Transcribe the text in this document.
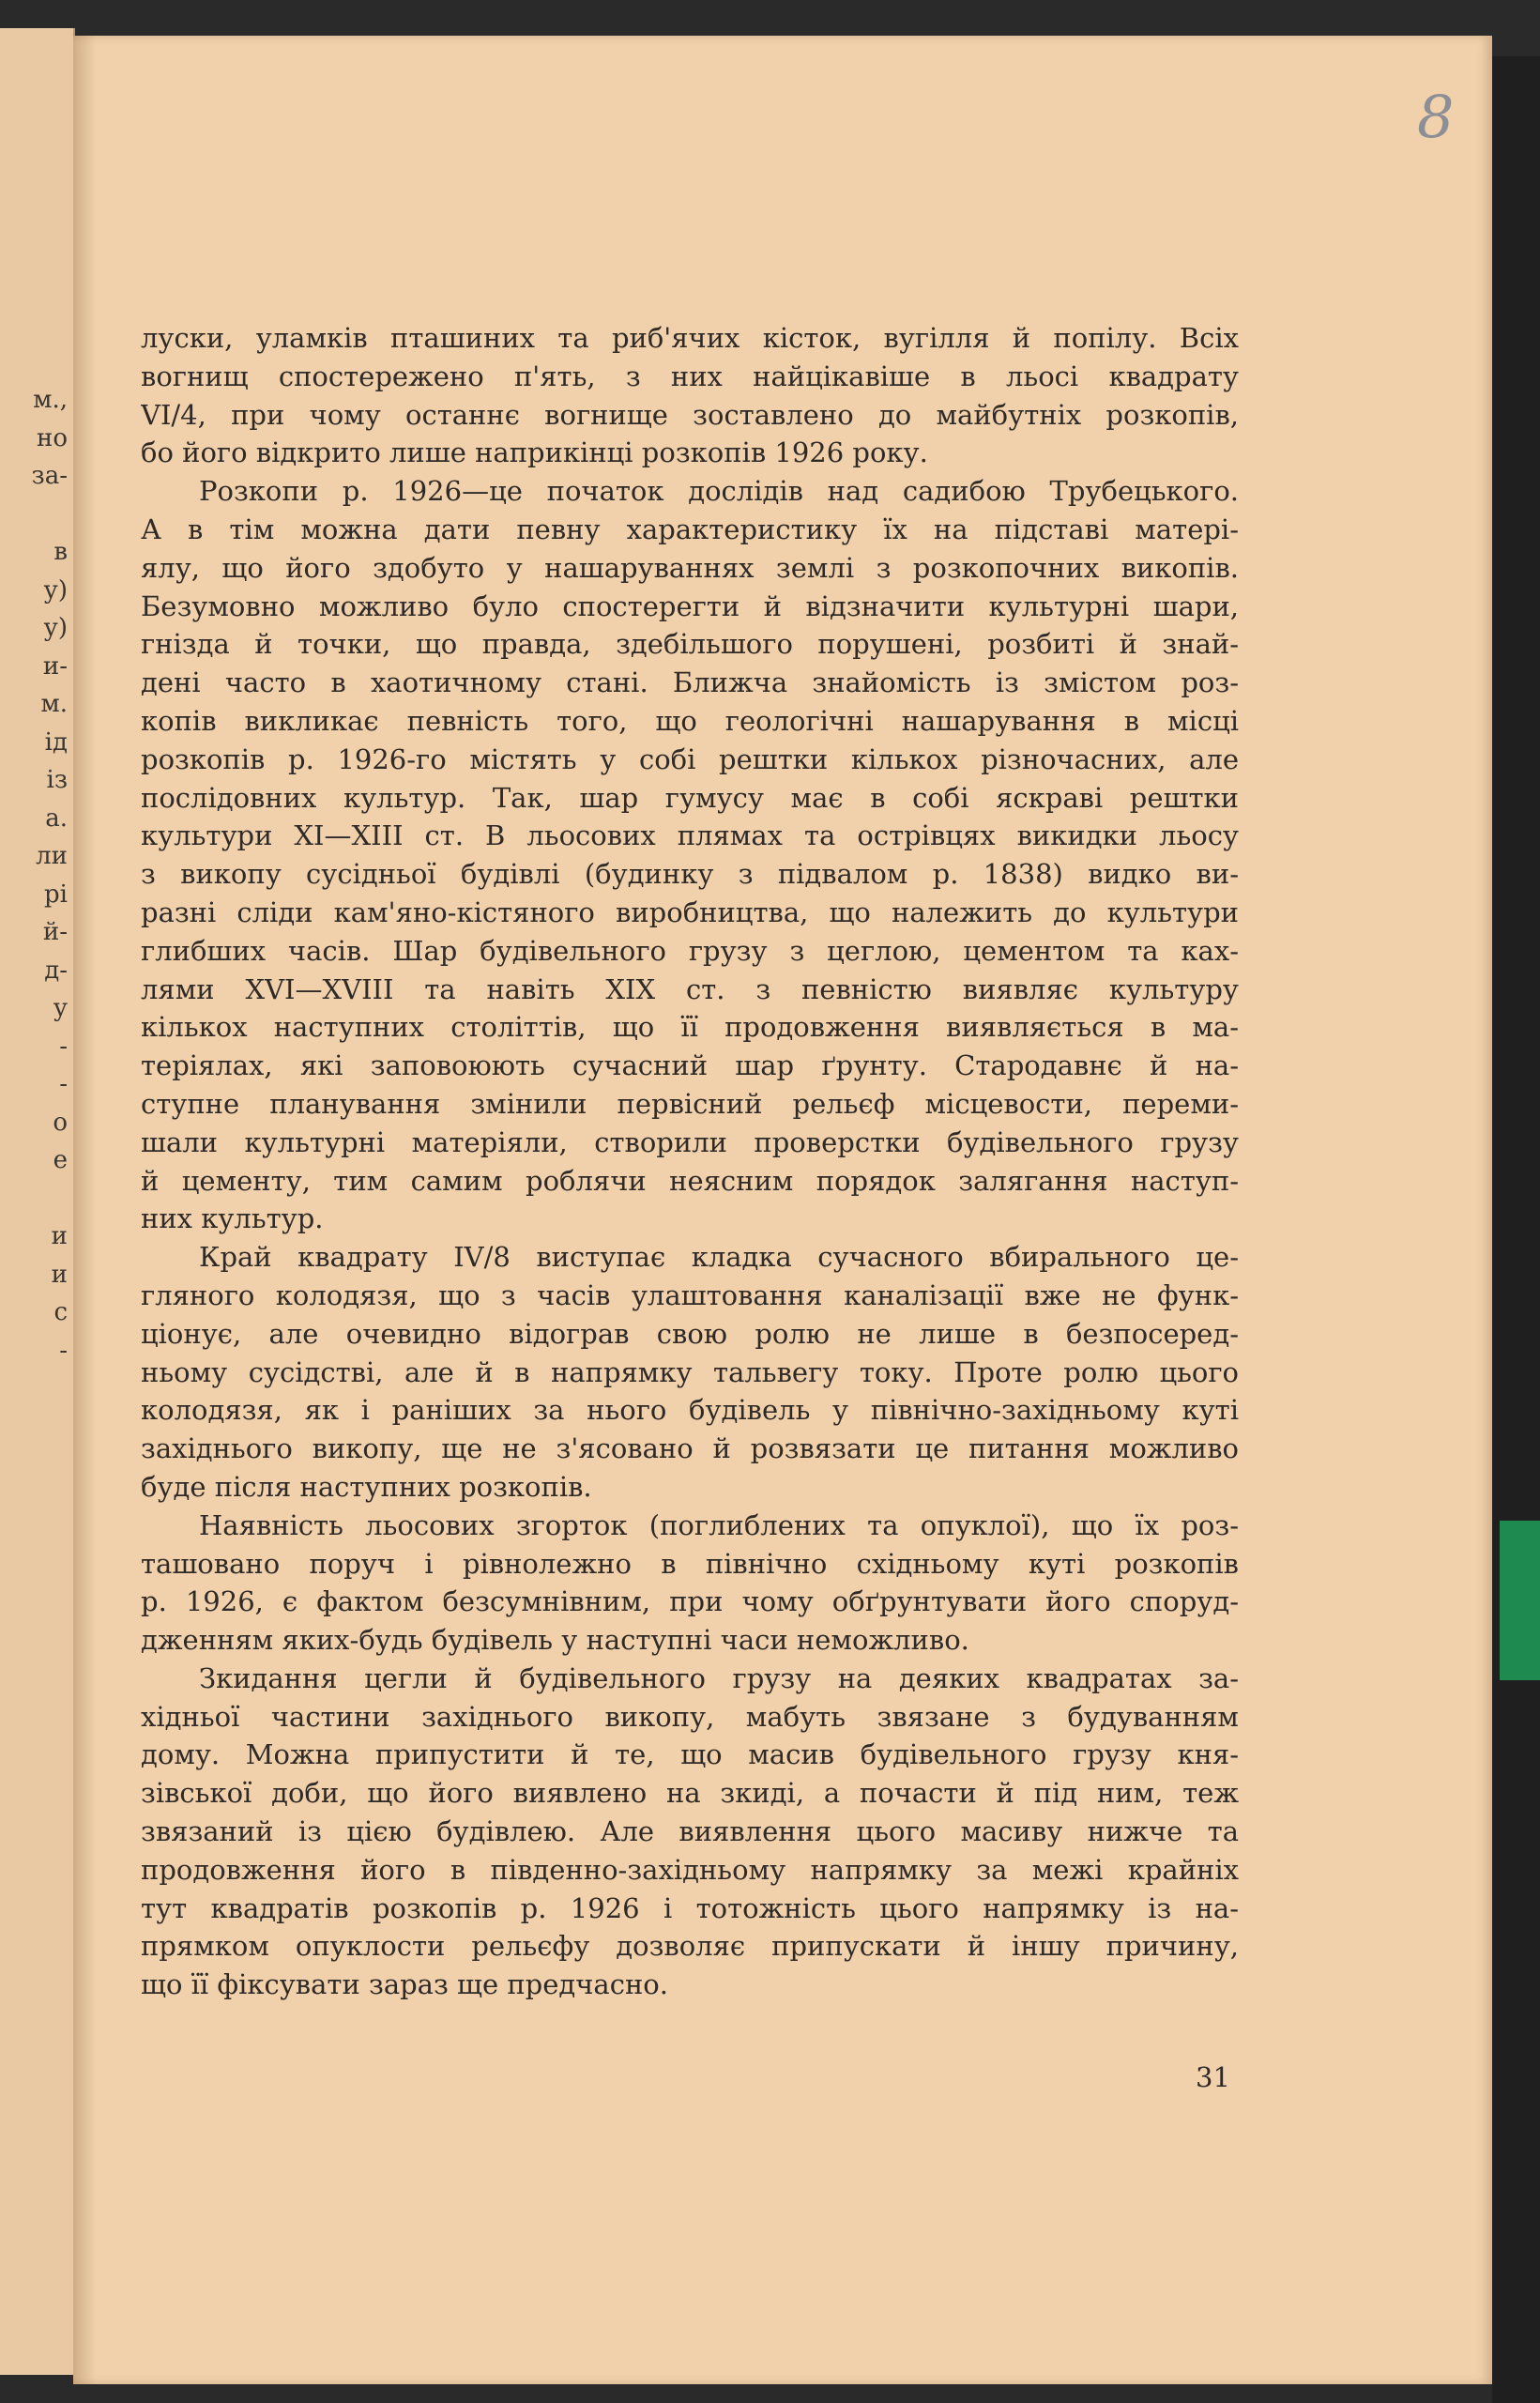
м.,
но
за-
в
у)
у)
и-
м.
ід
із
а.
ли
рі
й-
д-
у
-
-
о
е
и
и
с
-
8
луски, уламків пташиних та риб'ячих кісток, вугілля й попілу. Всіх
вогнищ спостережено п'ять, з них найцікавіше в льосі квадрату
VI/4, при чому останнє вогнище зоставлено до майбутніх розкопів,
бо його відкрито лише наприкінці розкопів 1926 року.
Розкопи р. 1926—це початок дослідів над садибою Трубецького.
А в тім можна дати певну характеристику їх на підставі матері-
ялу, що його здобуто у нашаруваннях землі з розкопочних викопів.
Безумовно можливо було спостерегти й відзначити культурні шари,
гнізда й точки, що правда, здебільшого порушені, розбиті й знай-
дені часто в хаотичному стані. Ближча знайомість із змістом роз-
копів викликає певність того, що геологічні нашарування в місці
розкопів р. 1926-го містять у собі рештки кількох різночасних, але
послідовних культур. Так, шар гумусу має в собі яскраві рештки
культури XI—XIII ст. В льосових плямах та острівцях викидки льосу
з викопу сусідньої будівлі (будинку з підвалом р. 1838) видко ви-
разні сліди кам'яно-кістяного виробництва, що належить до культури
глибших часів. Шар будівельного грузу з цеглою, цементом та ках-
лями XVI—XVIII та навіть XIX ст. з певністю виявляє культуру
кількох наступних століттів, що її продовження виявляється в ма-
теріялах, які заповоюють сучасний шар ґрунту. Стародавнє й на-
ступне планування змінили первісний рельєф місцевости, переми-
шали культурні матеріяли, створили проверстки будівельного грузу
й цементу, тим самим роблячи неясним порядок залягання наступ-
них культур.
Край квадрату IV/8 виступає кладка сучасного вбирального це-
гляного колодязя, що з часів улаштовання каналізації вже не функ-
ціонує, але очевидно відограв свою ролю не лише в безпосеред-
ньому сусідстві, але й в напрямку тальвегу току. Проте ролю цього
колодязя, як і раніших за нього будівель у північно-західньому куті
західнього викопу, ще не з'ясовано й розвязати це питання можливо
буде після наступних розкопів.
Наявність льосових згорток (поглиблених та опуклої), що їх роз-
ташовано поруч і рівнолежно в північно східньому куті розкопів
р. 1926, є фактом безсумнівним, при чому обґрунтувати його споруд-
дженням яких-будь будівель у наступні часи неможливо.
Зкидання цегли й будівельного грузу на деяких квадратах за-
хідньої частини західнього викопу, мабуть звязане з будуванням
дому. Можна припустити й те, що масив будівельного грузу кня-
зівської доби, що його виявлено на зкиді, а почасти й під ним, теж
звязаний із цією будівлею. Але виявлення цього масиву нижче та
продовження його в південно-західньому напрямку за межі крайніх
тут квадратів розкопів р. 1926 і тотожність цього напрямку із на-
прямком опуклости рельєфу дозволяє припускати й іншу причину,
що її фіксувати зараз ще предчасно.
31
